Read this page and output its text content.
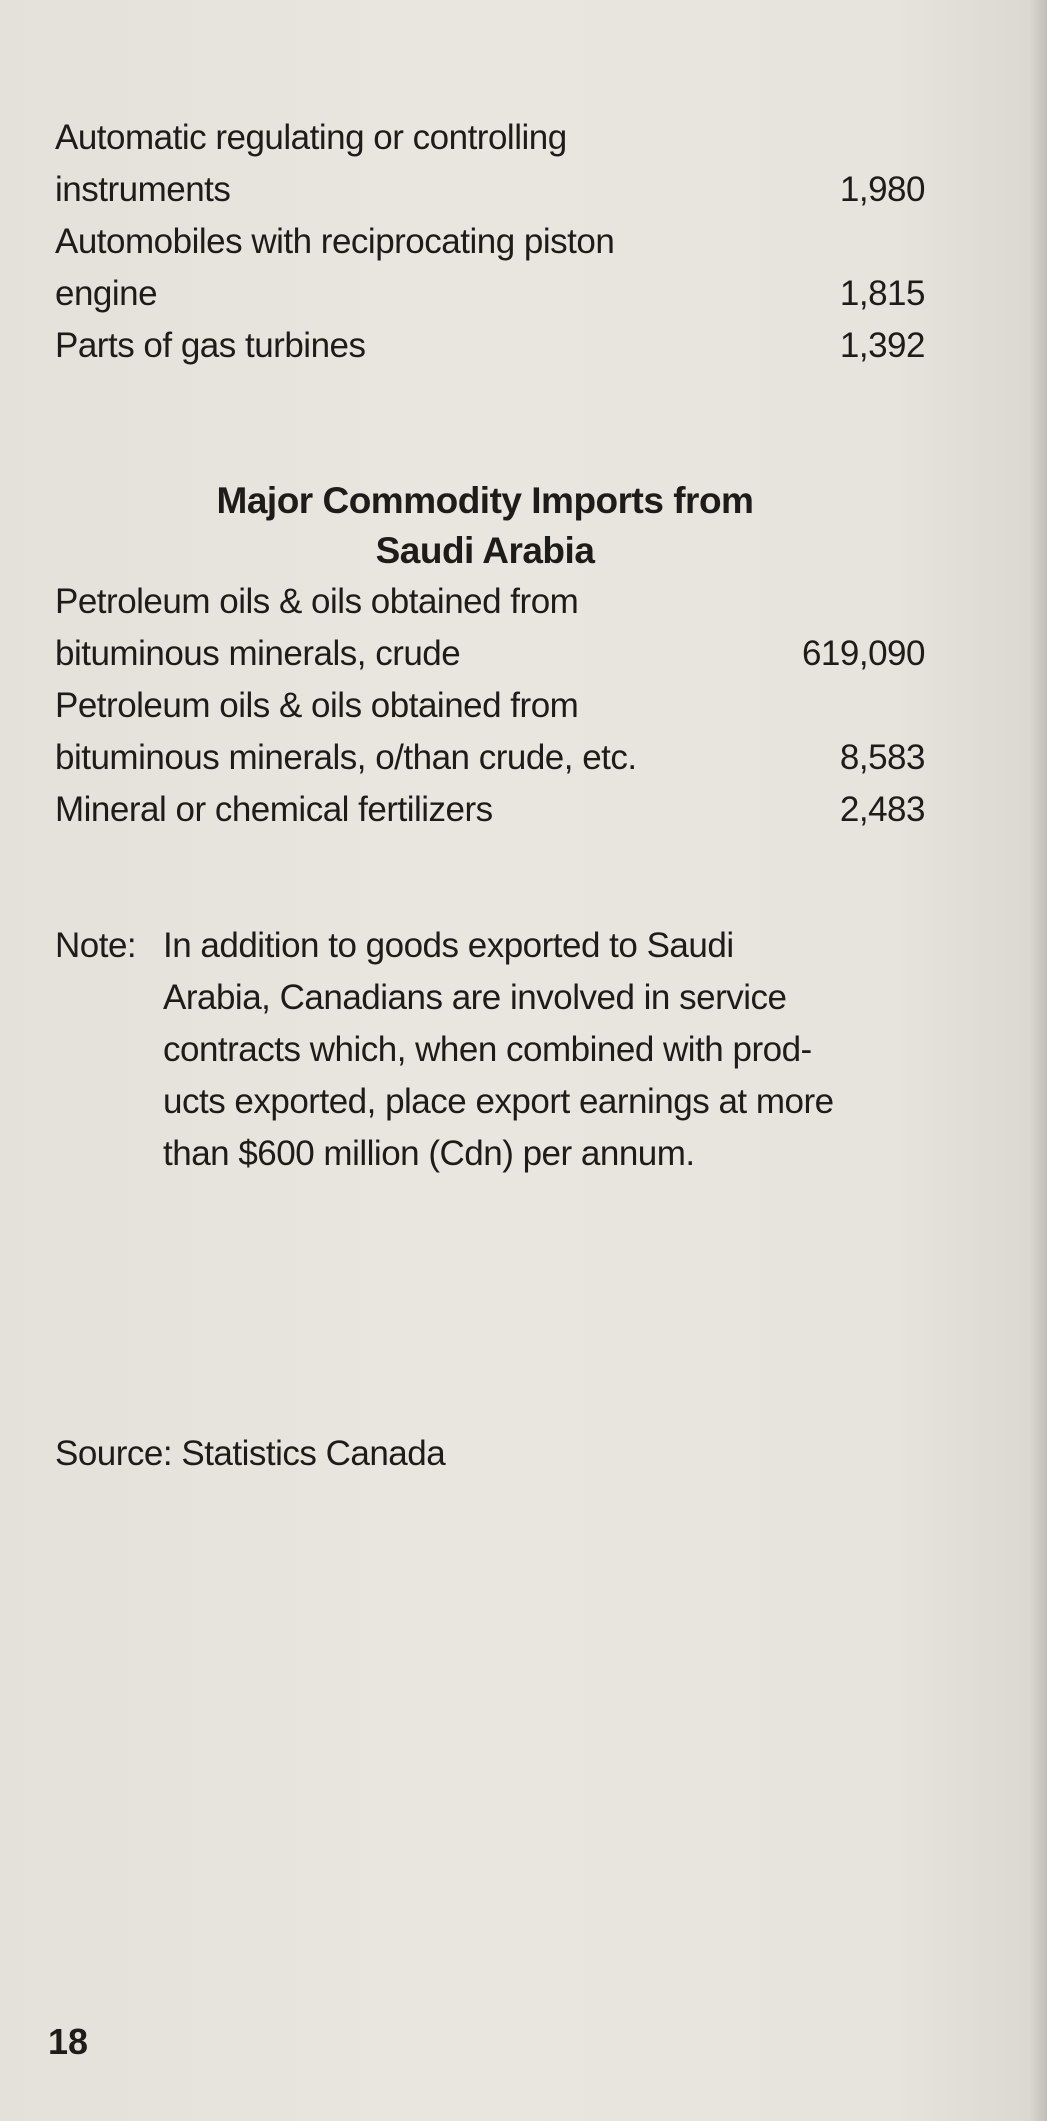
Automatic regulating or controlling
instruments	1,980
Automobiles with reciprocating piston
engine	1,815
Parts of gas turbines	1,392
Major Commodity Imports from
Saudi Arabia
Petroleum oils & oils obtained from
bituminous minerals, crude	619,090
Petroleum oils & oils obtained from
bituminous minerals, o/than crude, etc.	8,583
Mineral or chemical fertilizers	2,483
Note: In addition to goods exported to Saudi
Arabia, Canadians are involved in service
contracts which, when combined with prod-
ucts exported, place export earnings at more
than $600 million (Cdn) per annum.
Source: Statistics Canada
18
